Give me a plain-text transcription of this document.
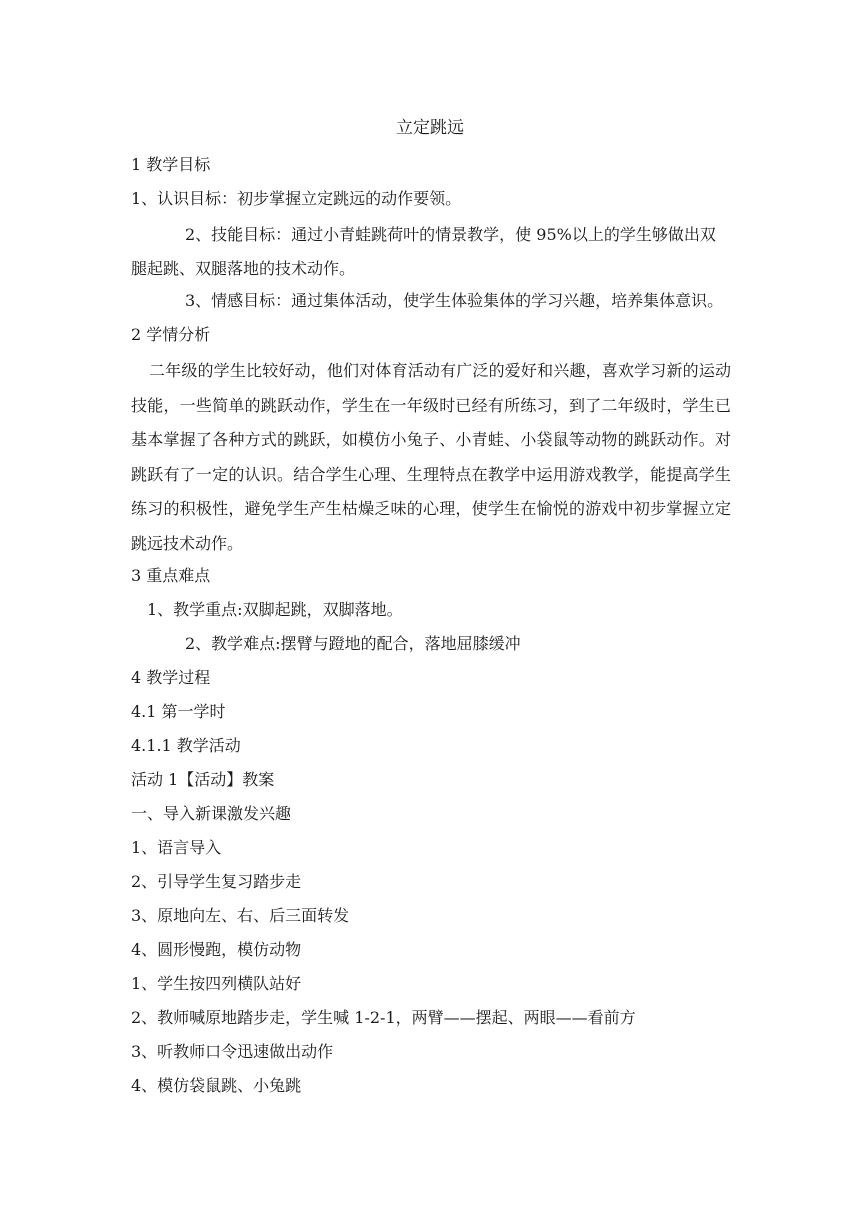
立定跳远
1 教学目标
1、认识目标：初步掌握立定跳远的动作要领。
2、技能目标：通过小青蛙跳荷叶的情景教学，使 95%以上的学生够做出双腿起跳、双腿落地的技术动作。
3、情感目标：通过集体活动，使学生体验集体的学习兴趣，培养集体意识。
2 学情分析
二年级的学生比较好动，他们对体育活动有广泛的爱好和兴趣，喜欢学习新的运动技能，一些简单的跳跃动作，学生在一年级时已经有所练习，到了二年级时，学生已基本掌握了各种方式的跳跃，如模仿小兔子、小青蛙、小袋鼠等动物的跳跃动作。对跳跃有了一定的认识。结合学生心理、生理特点在教学中运用游戏教学，能提高学生练习的积极性，避免学生产生枯燥乏味的心理，使学生在愉悦的游戏中初步掌握立定跳远技术动作。
3 重点难点
1、教学重点:双脚起跳，双脚落地。
2、教学难点:摆臂与蹬地的配合，落地屈膝缓冲
4 教学过程
4.1 第一学时
4.1.1 教学活动
活动 1【活动】教案
一、导入新课激发兴趣
1、语言导入
2、引导学生复习踏步走
3、原地向左、右、后三面转发
4、圆形慢跑，模仿动物
1、学生按四列横队站好
2、教师喊原地踏步走，学生喊 1-2-1，两臂——摆起、两眼——看前方
3、听教师口令迅速做出动作
4、模仿袋鼠跳、小兔跳
